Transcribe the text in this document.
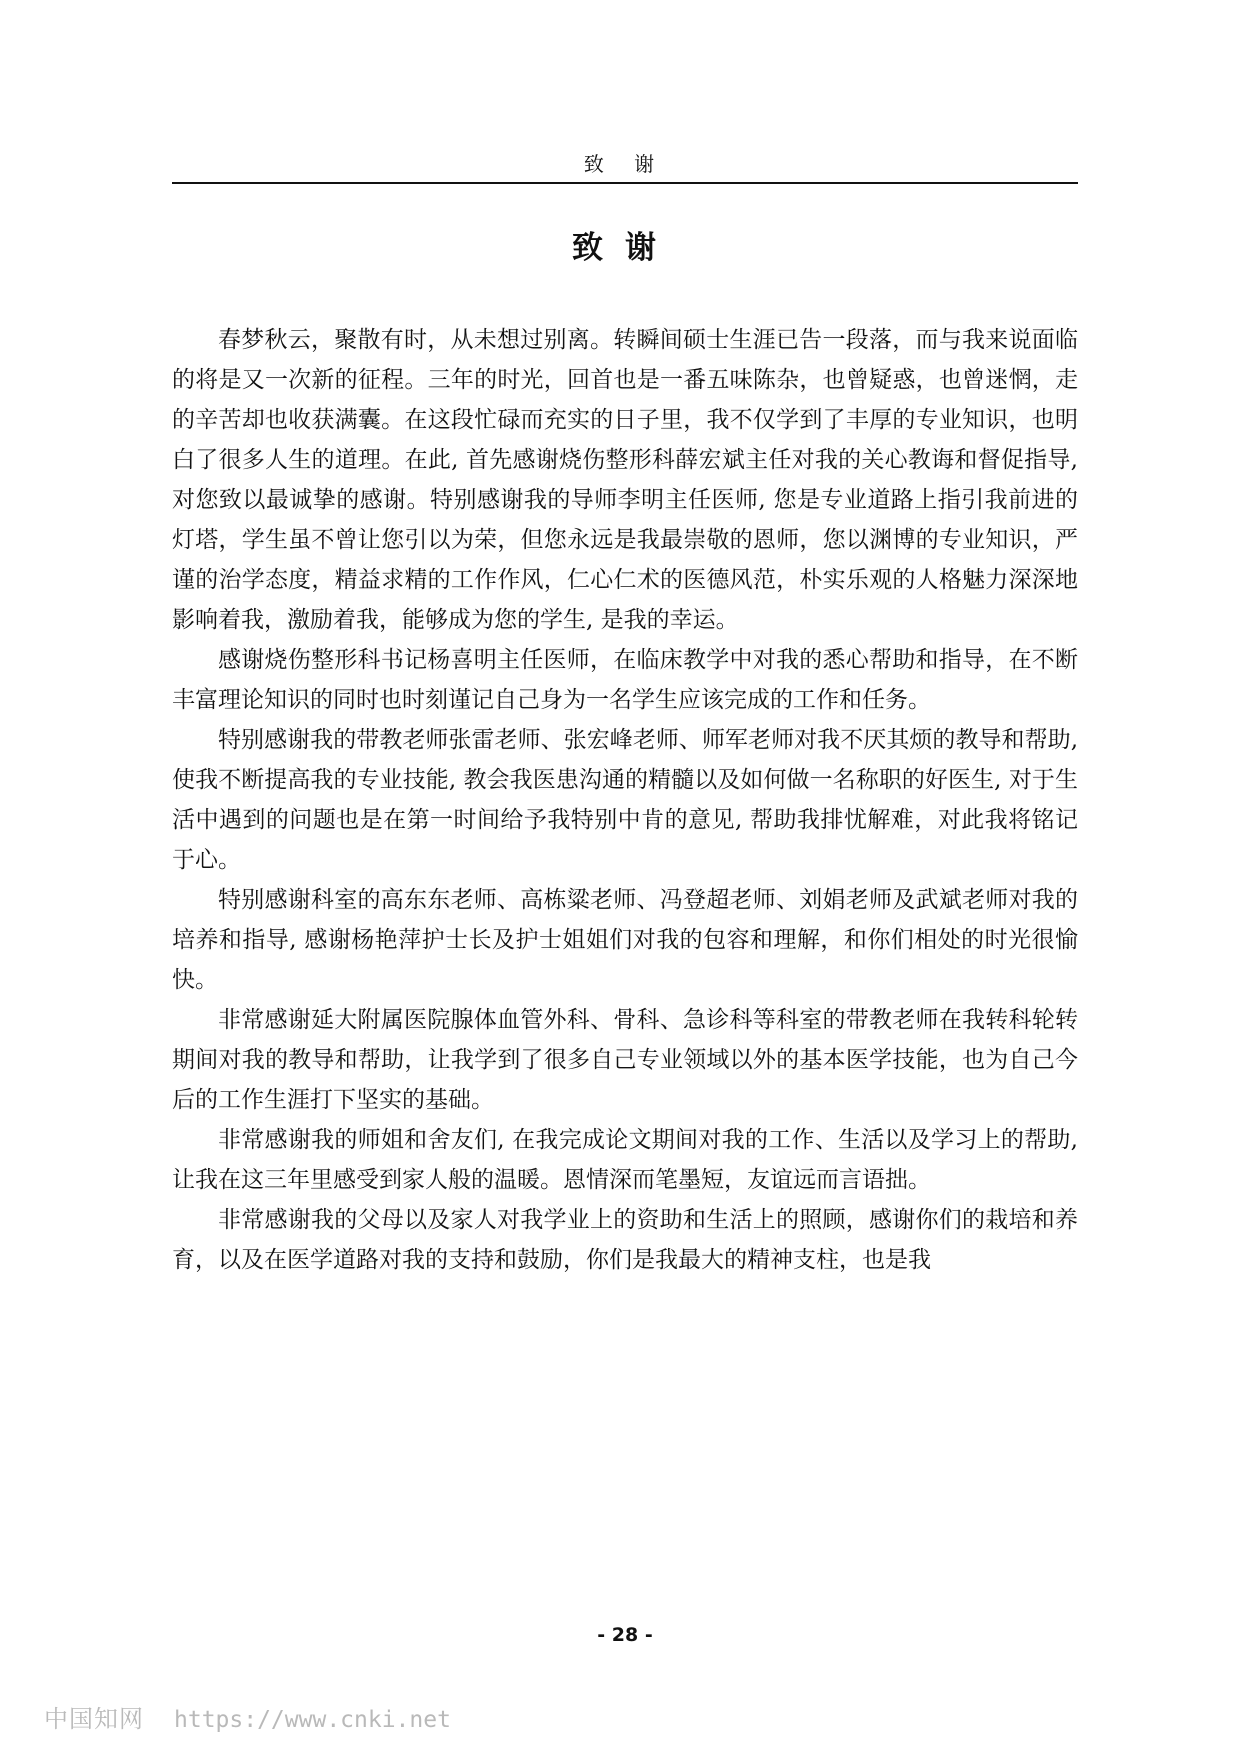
致 谢
致谢

春梦秋云，聚散有时，从未想过别离。转瞬间硕士生涯已告一段落，而与我来说面临的将是又一次新的征程。三年的时光，回首也是一番五味陈杂，也曾疑惑，也曾迷惘，走的辛苦却也收获满囊。在这段忙碌而充实的日子里，我不仅学到了丰厚的专业知识，也明白了很多人生的道理。在此, 首先感谢烧伤整形科薛宏斌主任对我的关心教诲和督促指导, 对您致以最诚挚的感谢。特别感谢我的导师李明主任医师, 您是专业道路上指引我前进的灯塔，学生虽不曾让您引以为荣，但您永远是我最崇敬的恩师，您以渊博的专业知识，严谨的治学态度，精益求精的工作作风，仁心仁术的医德风范，朴实乐观的人格魅力深深地影响着我，激励着我，能够成为您的学生, 是我的幸运。

感谢烧伤整形科书记杨喜明主任医师，在临床教学中对我的悉心帮助和指导，在不断丰富理论知识的同时也时刻谨记自己身为一名学生应该完成的工作和任务。

特别感谢我的带教老师张雷老师、张宏峰老师、师军老师对我不厌其烦的教导和帮助, 使我不断提高我的专业技能, 教会我医患沟通的精髓以及如何做一名称职的好医生, 对于生活中遇到的问题也是在第一时间给予我特别中肯的意见, 帮助我排忧解难，对此我将铭记于心。

特别感谢科室的高东东老师、高栋粱老师、冯登超老师、刘娟老师及武斌老师对我的培养和指导, 感谢杨艳萍护士长及护士姐姐们对我的包容和理解，和你们相处的时光很愉快。

非常感谢延大附属医院腺体血管外科、骨科、急诊科等科室的带教老师在我转科轮转期间对我的教导和帮助，让我学到了很多自己专业领域以外的基本医学技能，也为自己今后的工作生涯打下坚实的基础。

非常感谢我的师姐和舍友们, 在我完成论文期间对我的工作、生活以及学习上的帮助, 让我在这三年里感受到家人般的温暖。恩情深而笔墨短，友谊远而言语拙。

非常感谢我的父母以及家人对我学业上的资助和生活上的照顾，感谢你们的栽培和养育，以及在医学道路对我的支持和鼓励，你们是我最大的精神支柱，也是我

- 28 -
中国知网 https://www.cnki.net
